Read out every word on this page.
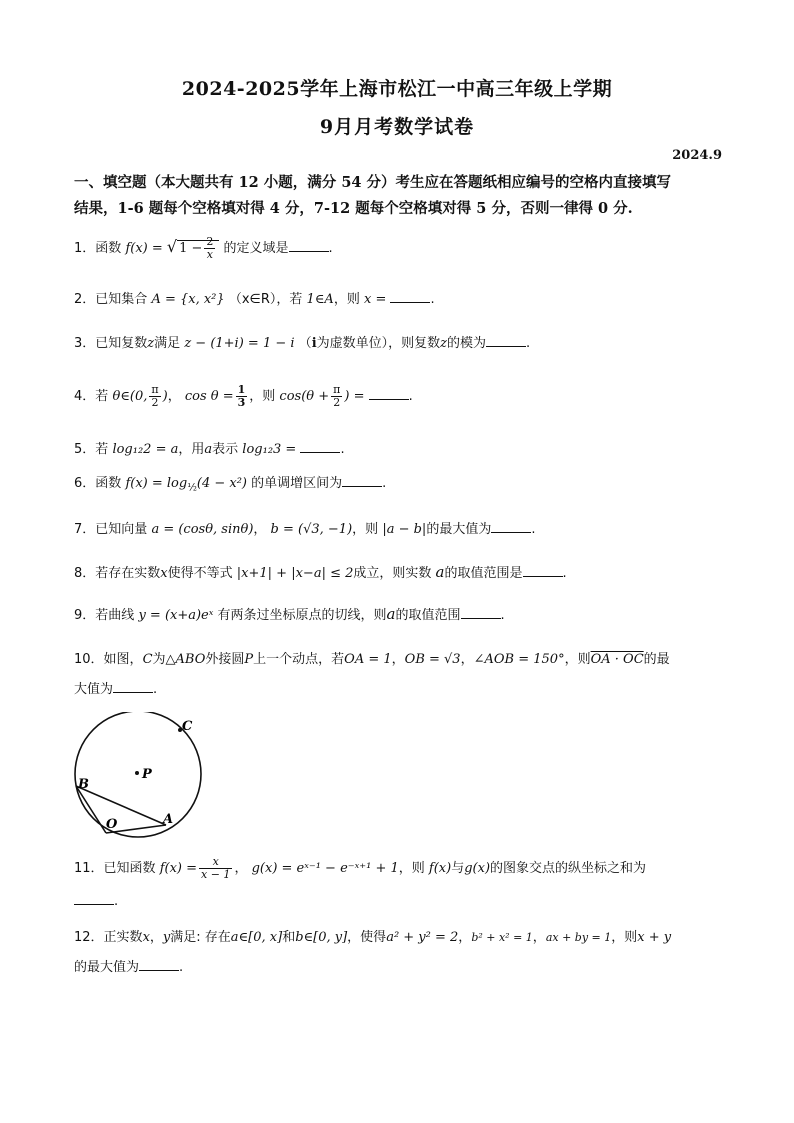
2024-2025学年上海市松江一中高三年级上学期
9月月考数学试卷
2024.9
一、填空题（本大题共有 12 小题，满分 54 分）考生应在答题纸相应编号的空格内直接填写
结果，1-6 题每个空格填对得 4 分，7-12 题每个空格填对得 5 分，否则一律得 0 分.
1．函数 f(x) = √ $1 - \frac{2}{x}$ 的定义域是	.
2．已知集合 A = {x, x²} （x∈R），若 1∈A，则 x =	.
3．已知复数z满足 z − (1+i) = 1 − i （i为虚数单位），则复数z的模为	.
4．若 θ∈(0, $\frac{\pi}{2}$ )， $\cos \theta = \frac{1}{3}$ ，则 $\cos(\theta + \frac{\pi}{2}$ ) =	.
5．若 log₁₂2 = a，用a表示 log₁₂3 =	.
6．函数 $f(x) = \log_{\frac{1}{2}}(4 - x^2)$ 的单调增区间为	.
7．已知向量 a = (cosθ, sinθ)， b = (√3, −1)，则 |a − b|的最大值为	.
8．若存在实数x使得不等式 |x+1| + |x−a| ≤ 2成立，则实数 a的取值范围是	.
9．若曲线 y = (x+a)eˣ 有两条过坐标原点的切线，则a的取值范围	.
10．如图，C为△ABO外接圆P上一个动点，若OA = 1，OB = √3，∠AOB = 150°，则OA · OC的最
大值为	.
C
P
B
O	A
11．已知函数 $f(x) = \frac{x}{x - 1}$ ， g(x) = eˣ⁻¹ − e⁻ˣ⁺¹ + 1，则 f(x)与g(x)的图象交点的纵坐标之和为
.
12．正实数x，y满足: 存在a∈[0, x]和b∈[0, y]，使得a² + y² = 2，b² + x² = 1，ax + by = 1，则x + y
的最大值为	.
